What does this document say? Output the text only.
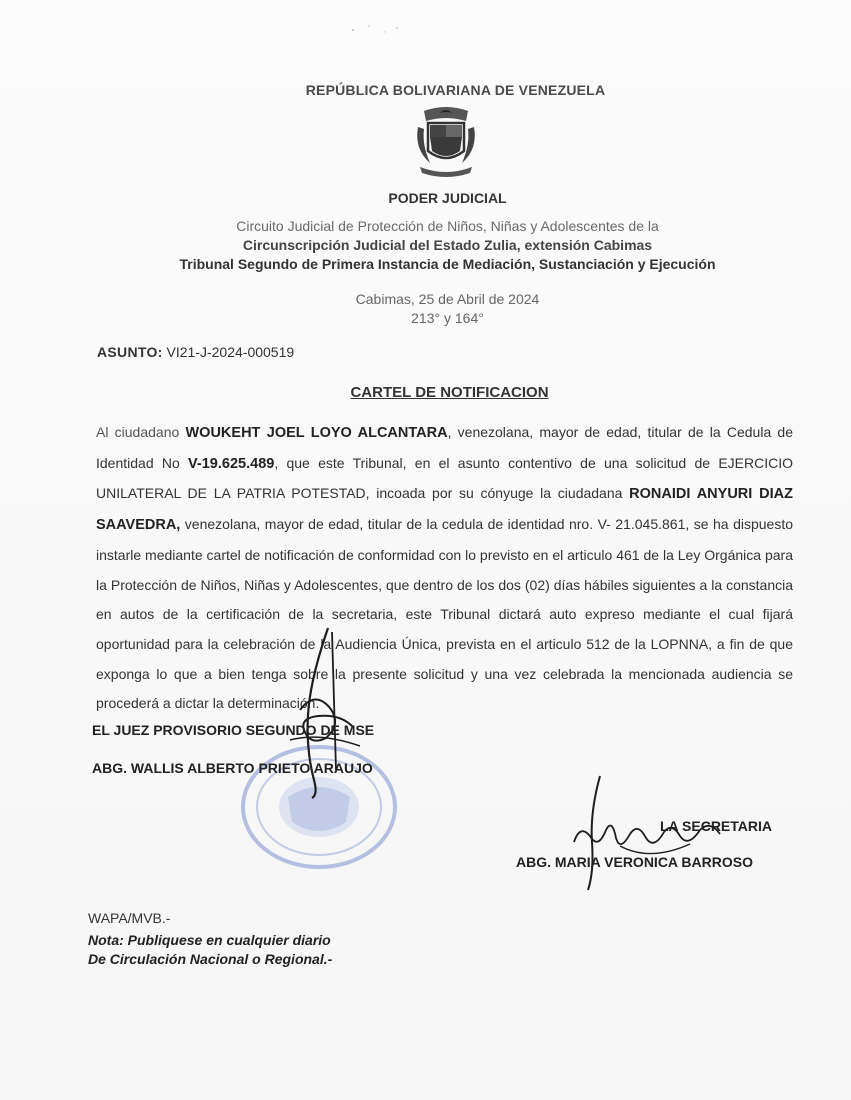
REPÚBLICA BOLIVARIANA DE VENEZUELA
PODER JUDICIAL
Circuito Judicial de Protección de Niños, Niñas y Adolescentes de la
Circunscripción Judicial del Estado Zulia, extensión Cabimas
Tribunal Segundo de Primera Instancia de Mediación, Sustanciación y Ejecución
Cabimas, 25 de Abril de 2024
213° y 164°
ASUNTO: VI21-J-2024-000519
CARTEL DE NOTIFICACION
Al ciudadano WOUKEHT JOEL LOYO ALCANTARA, venezolana, mayor de edad, titular de la Cedula de Identidad No V-19.625.489, que este Tribunal, en el asunto contentivo de una solicitud de EJERCICIO UNILATERAL DE LA PATRIA POTESTAD, incoada por su cónyuge la ciudadana RONAIDI ANYURI DIAZ SAAVEDRA, venezolana, mayor de edad, titular de la cedula de identidad nro. V- 21.045.861, se ha dispuesto instarle mediante cartel de notificación de conformidad con lo previsto en el articulo 461 de la Ley Orgánica para la Protección de Niños, Niñas y Adolescentes, que dentro de los dos (02) días hábiles siguientes a la constancia en autos de la certificación de la secretaria, este Tribunal dictará auto expreso mediante el cual fijará oportunidad para la celebración de la Audiencia Única, prevista en el articulo 512 de la LOPNNA, a fin de que exponga lo que a bien tenga sobre la presente solicitud y una vez celebrada la mencionada audiencia se procederá a dictar la determinación.
EL JUEZ PROVISORIO SEGUNDO DE MSE
ABG. WALLIS ALBERTO PRIETO ARAUJO
LA SECRETARIA
ABG. MARIA VERONICA BARROSO
WAPA/MVB.-
Nota: Publiquese en cualquier diario
De Circulación Nacional o Regional.-
